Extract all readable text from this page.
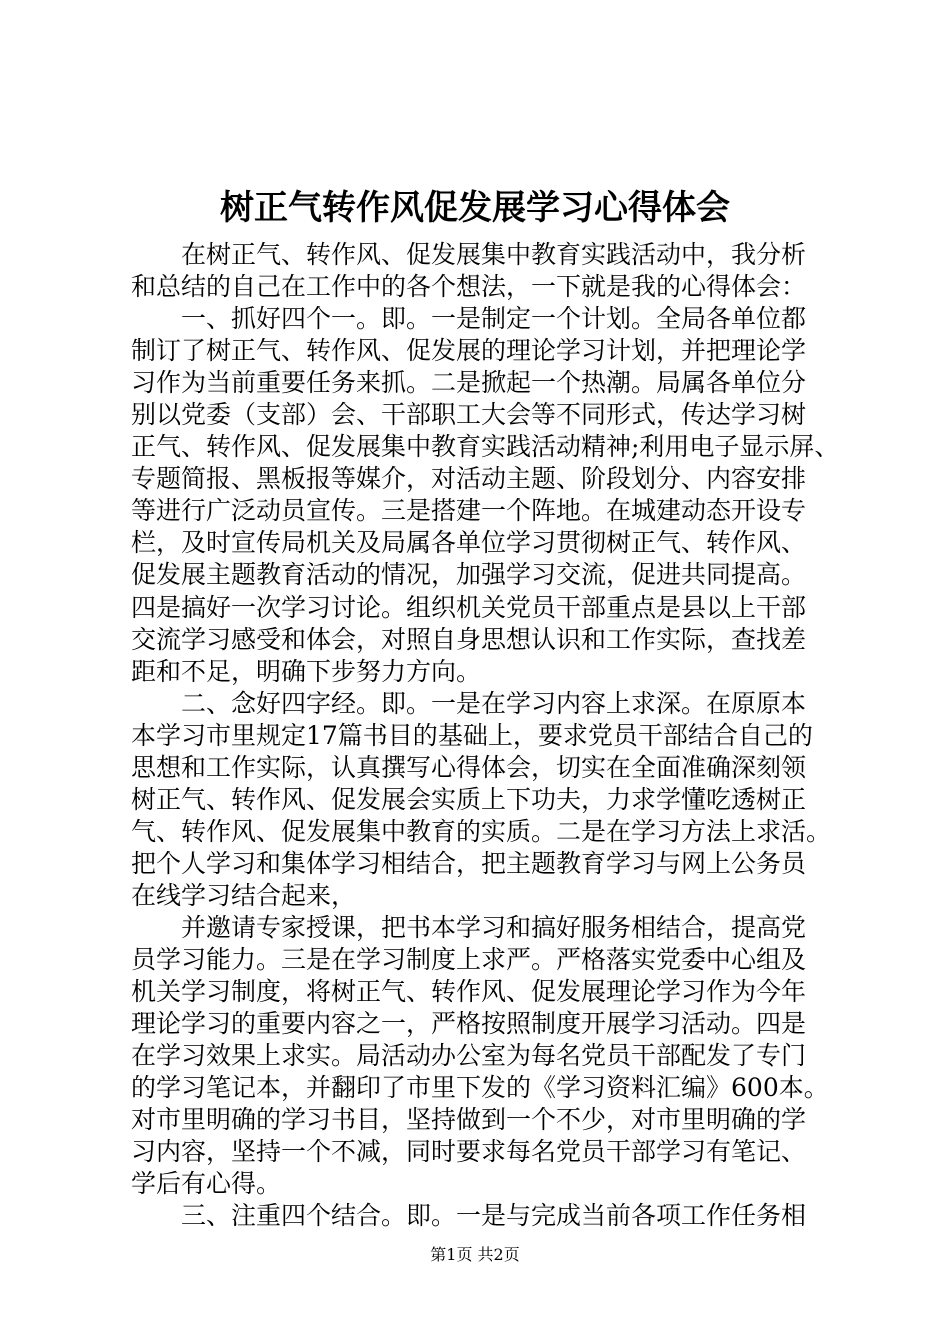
树正气转作风促发展学习心得体会
在树正气、转作风、促发展集中教育实践活动中，我分析
和总结的自己在工作中的各个想法，一下就是我的心得体会：
一、抓好四个一。即。一是制定一个计划。全局各单位都
制订了树正气、转作风、促发展的理论学习计划，并把理论学
习作为当前重要任务来抓。二是掀起一个热潮。局属各单位分
别以党委（支部）会、干部职工大会等不同形式，传达学习树
正气、转作风、促发展集中教育实践活动精神;利用电子显示屏、
专题简报、黑板报等媒介，对活动主题、阶段划分、内容安排
等进行广泛动员宣传。三是搭建一个阵地。在城建动态开设专
栏，及时宣传局机关及局属各单位学习贯彻树正气、转作风、
促发展主题教育活动的情况，加强学习交流，促进共同提高。
四是搞好一次学习讨论。组织机关党员干部重点是县以上干部
交流学习感受和体会，对照自身思想认识和工作实际，查找差
距和不足，明确下步努力方向。
二、念好四字经。即。一是在学习内容上求深。在原原本
本学习市里规定17篇书目的基础上，要求党员干部结合自己的
思想和工作实际，认真撰写心得体会，切实在全面准确深刻领
树正气、转作风、促发展会实质上下功夫，力求学懂吃透树正
气、转作风、促发展集中教育的实质。二是在学习方法上求活。
把个人学习和集体学习相结合，把主题教育学习与网上公务员
在线学习结合起来，
并邀请专家授课，把书本学习和搞好服务相结合，提高党
员学习能力。三是在学习制度上求严。严格落实党委中心组及
机关学习制度，将树正气、转作风、促发展理论学习作为今年
理论学习的重要内容之一，严格按照制度开展学习活动。四是
在学习效果上求实。局活动办公室为每名党员干部配发了专门
的学习笔记本，并翻印了市里下发的《学习资料汇编》600本。
对市里明确的学习书目，坚持做到一个不少，对市里明确的学
习内容，坚持一个不减，同时要求每名党员干部学习有笔记、
学后有心得。
三、注重四个结合。即。一是与完成当前各项工作任务相
第1页 共2页
